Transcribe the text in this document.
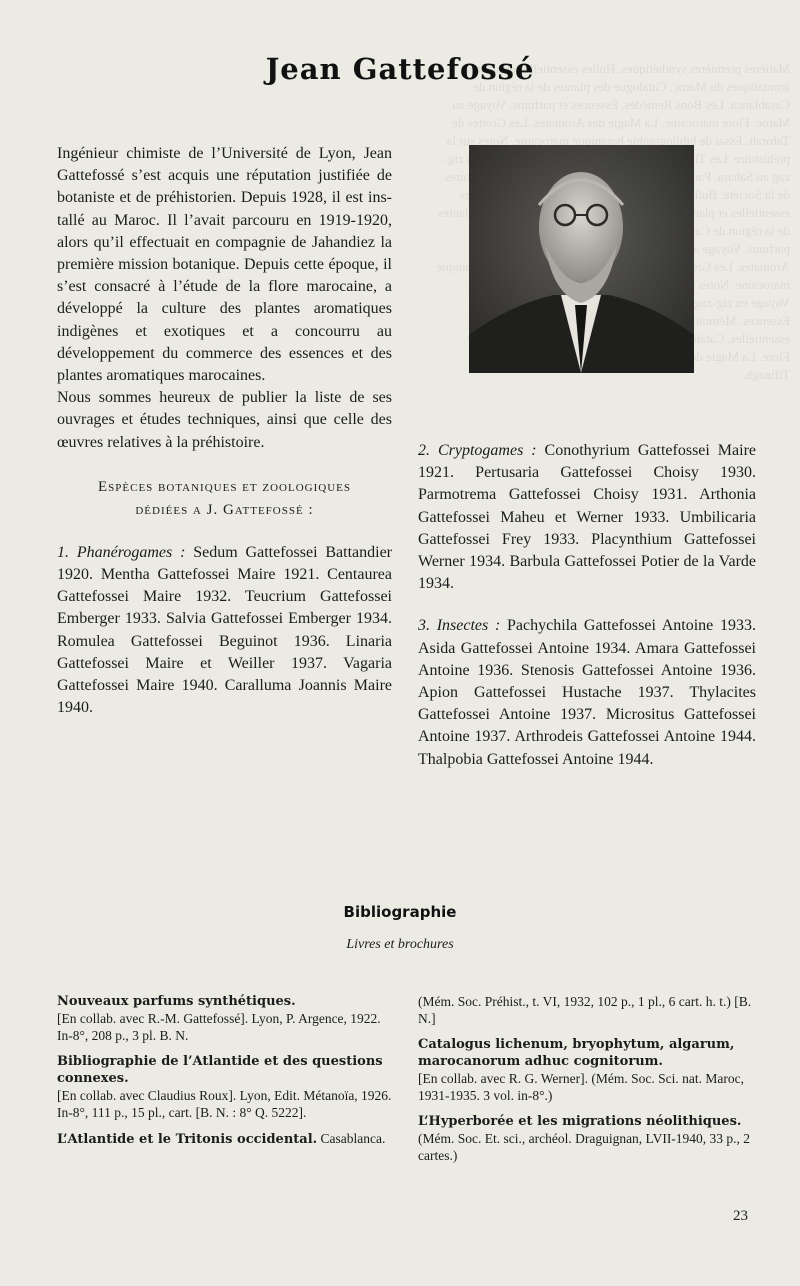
Matières premières synthétiques. Huiles essentielles et plantes aromatiques du Maroc. Catalogue des plantes de la région de Casablanca. Les Bons Remèdes. Essences et parfums. Voyage au Maroc. Flore marocaine. La Magie des Aromates. Les Grottes de Taforalt. Essai de bibliographie botanique marocaine. Notes sur la préhistoire. Les zig-zag au Sahara. de la Société. Bulletin. essentielles et plantes plantes de la région de parfums. Voyage Aromates. Les botanique marocaine. Notes Voyage en zig-zag Essences. Mémoires. essentielles. Catalogue. Flore. La Magie Tifinagh.
Jean Gattefossé

Ingénieur chimiste de l’Université de Lyon, Jean Gattefossé s’est acquis une réputation justifiée de botaniste et de préhistorien. Depuis 1928, il est installé au Maroc. Il l’avait parcouru en 1919-1920, alors qu’il effectuait en compagnie de Jahandiez la première mission botanique. Depuis cette époque, il s’est consacré à l’étude de la flore marocaine, a développé la culture des plantes aromatiques indigènes et exotiques et a concourru au développement du commerce des essences et des plantes aromatiques marocaines.

Nous sommes heureux de publier la liste de ses ouvrages et études techniques, ainsi que celle des œuvres relatives à la préhistoire.

Espèces botaniques et zoologiques
dédiées a J. Gattefossé :

1. Phanérogames : Sedum Gattefossei Battandier 1920. Mentha Gattefossei Maire 1921. Centaurea Gattefossei Maire 1932. Teucrium Gattefossei Emberger 1933. Salvia Gattefossei Emberger 1934. Romulea Gattefossei Beguinot 1936. Linaria Gattefossei Maire et Weiller 1937. Vagaria Gattefossei Maire 1940. Caralluma Joannis Maire 1940.

2. Cryptogames : Conothyrium Gattefossei Maire 1921. Pertusaria Gattefossei Choisy 1930. Parmotrema Gattefossei Choisy 1931. Arthonia Gattefossei Maheu et Werner 1933. Umbilicaria Gattefossei Frey 1933. Placynthium Gattefossei Werner 1934. Barbula Gattefossei Potier de la Varde 1934.

3. Insectes : Pachychila Gattefossei Antoine 1933. Asida Gattefossei Antoine 1934. Amara Gattefossei Antoine 1936. Stenosis Gattefossei Antoine 1936. Apion Gattefossei Hustache 1937. Thylacites Gattefossei Antoine 1937. Micrositus Gattefossei Antoine 1937. Arthrodeis Gattefossei Antoine 1944. Thalpobia Gattefossei Antoine 1944.

Bibliographie
Livres et brochures
Nouveaux parfums synthétiques.
[En collab. avec R.-M. Gattefossé]. Lyon, P. Argence, 1922. In-8°, 208 p., 3 pl. B. N.
Bibliographie de l’Atlantide et des questions connexes.
[En collab. avec Claudius Roux]. Lyon, Edit. Métanoïa, 1926. In-8°, 111 p., 15 pl., cart. [B. N. : 8° Q. 5222].
L’Atlantide et le Tritonis occidental. Casablanca.
(Mém. Soc. Préhist., t. VI, 1932, 102 p., 1 pl., 6 cart. h. t.) [B. N.]
Catalogus lichenum, bryophytum, algarum, marocanorum adhuc cognitorum.
[En collab. avec R. G. Werner]. (Mém. Soc. Sci. nat. Maroc, 1931-1935. 3 vol. in-8°.)
L’Hyperborée et les migrations néolithiques.
(Mém. Soc. Et. sci., archéol. Draguignan, LVII-1940, 33 p., 2 cartes.)
23
